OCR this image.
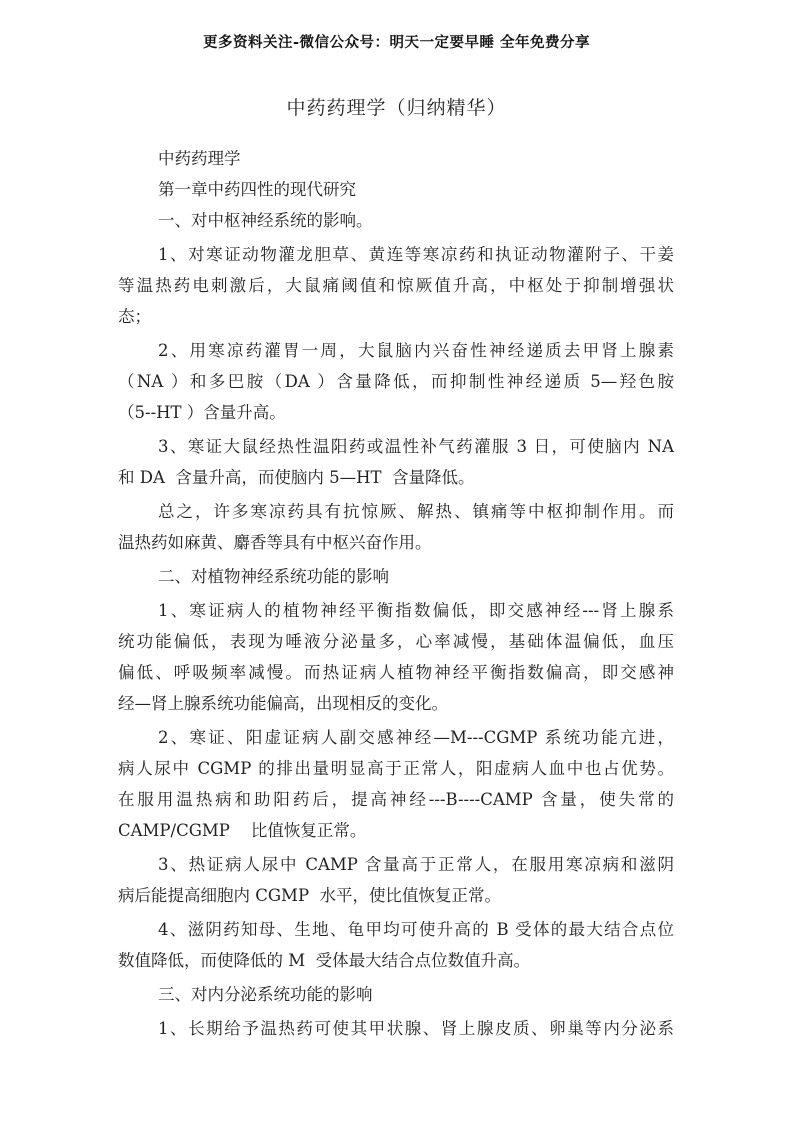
更多资料关注-微信公众号：明天一定要早睡 全年免费分享
中药药理学（归纳精华）
中药药理学
第一章中药四性的现代研究
一、对中枢神经系统的影响。
1、对寒证动物灌龙胆草、黄连等寒凉药和执证动物灌附子、干姜
等温热药电刺激后，大鼠痛阈值和惊厥值升高，中枢处于抑制增强状
态；
2、用寒凉药灌胃一周，大鼠脑内兴奋性神经递质去甲肾上腺素
（NA ）和多巴胺（DA ）含量降低，而抑制性神经递质 5—羟色胺
（5--HT ）含量升高。
3、寒证大鼠经热性温阳药或温性补气药灌服 3 日，可使脑内 NA
和 DA  含量升高，而使脑内 5—HT  含量降低。
总之，许多寒凉药具有抗惊厥、解热、镇痛等中枢抑制作用。而
温热药如麻黄、麝香等具有中枢兴奋作用。
二、对植物神经系统功能的影响
1、寒证病人的植物神经平衡指数偏低，即交感神经---肾上腺系
统功能偏低，表现为唾液分泌量多，心率减慢，基础体温偏低，血压
偏低、呼吸频率减慢。而热证病人植物神经平衡指数偏高，即交感神
经—肾上腺系统功能偏高，出现相反的变化。
2、寒证、阳虚证病人副交感神经—M---CGMP 系统功能亢进，
病人尿中 CGMP 的排出量明显高于正常人，阳虚病人血中也占优势。
在服用温热病和助阳药后，提高神经---B----CAMP 含量，使失常的
CAMP/CGMP    比值恢复正常。
3、热证病人尿中 CAMP 含量高于正常人，在服用寒凉病和滋阴
病后能提高细胞内 CGMP  水平，使比值恢复正常。
4、滋阴药知母、生地、龟甲均可使升高的 B 受体的最大结合点位
数值降低，而使降低的 M  受体最大结合点位数值升高。
三、对内分泌系统功能的影响
1、长期给予温热药可使其甲状腺、肾上腺皮质、卵巢等内分泌系
